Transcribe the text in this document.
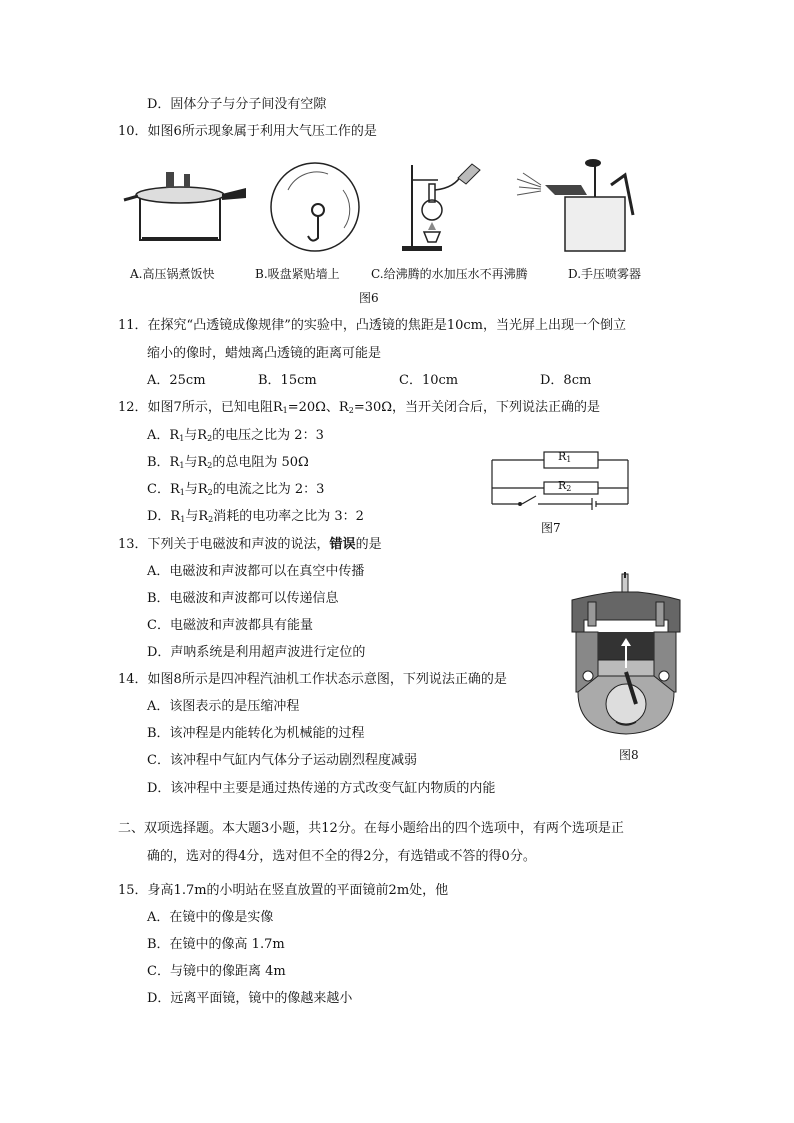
D．固体分子与分子间没有空隙
10．如图6所示现象属于利用大气压工作的是
A.高压锅煮饭快	B.吸盘紧贴墙上	C.给沸腾的水加压水不再沸腾	D.手压喷雾器
图6
11．在探究“凸透镜成像规律”的实验中，凸透镜的焦距是10cm，当光屏上出现一个倒立
缩小的像时，蜡烛离凸透镜的距离可能是
A．25cm	B．15cm	C．10cm	D．8cm
12．如图7所示，已知电阻$R_1=20\Omega$、$R_2=30\Omega$，当开关闭合后，下列说法正确的是
A．$R_1$与$R_2$的电压之比为 2：3
B．$R_1$与$R_2$的总电阻为 50Ω
C．$R_1$与$R_2$的电流之比为 2：3
D．$R_1$与$R_2$消耗的电功率之比为 3：2
$R_1$
$R_2$
图7
13．下列关于电磁波和声波的说法，错误的是
A．电磁波和声波都可以在真空中传播
B．电磁波和声波都可以传递信息
C．电磁波和声波都具有能量
D．声呐系统是利用超声波进行定位的
图8
14．如图8所示是四冲程汽油机工作状态示意图，下列说法正确的是
A．该图表示的是压缩冲程
B．该冲程是内能转化为机械能的过程
C．该冲程中气缸内气体分子运动剧烈程度减弱
D．该冲程中主要是通过热传递的方式改变气缸内物质的内能
二、双项选择题。本大题3小题，共12分。在每小题给出的四个选项中，有两个选项是正
确的，选对的得4分，选对但不全的得2分，有选错或不答的得0分。
15．身高1.7m的小明站在竖直放置的平面镜前2m处，他
A．在镜中的像是实像
B．在镜中的像高 1.7m
C．与镜中的像距离 4m
D．远离平面镜，镜中的像越来越小
